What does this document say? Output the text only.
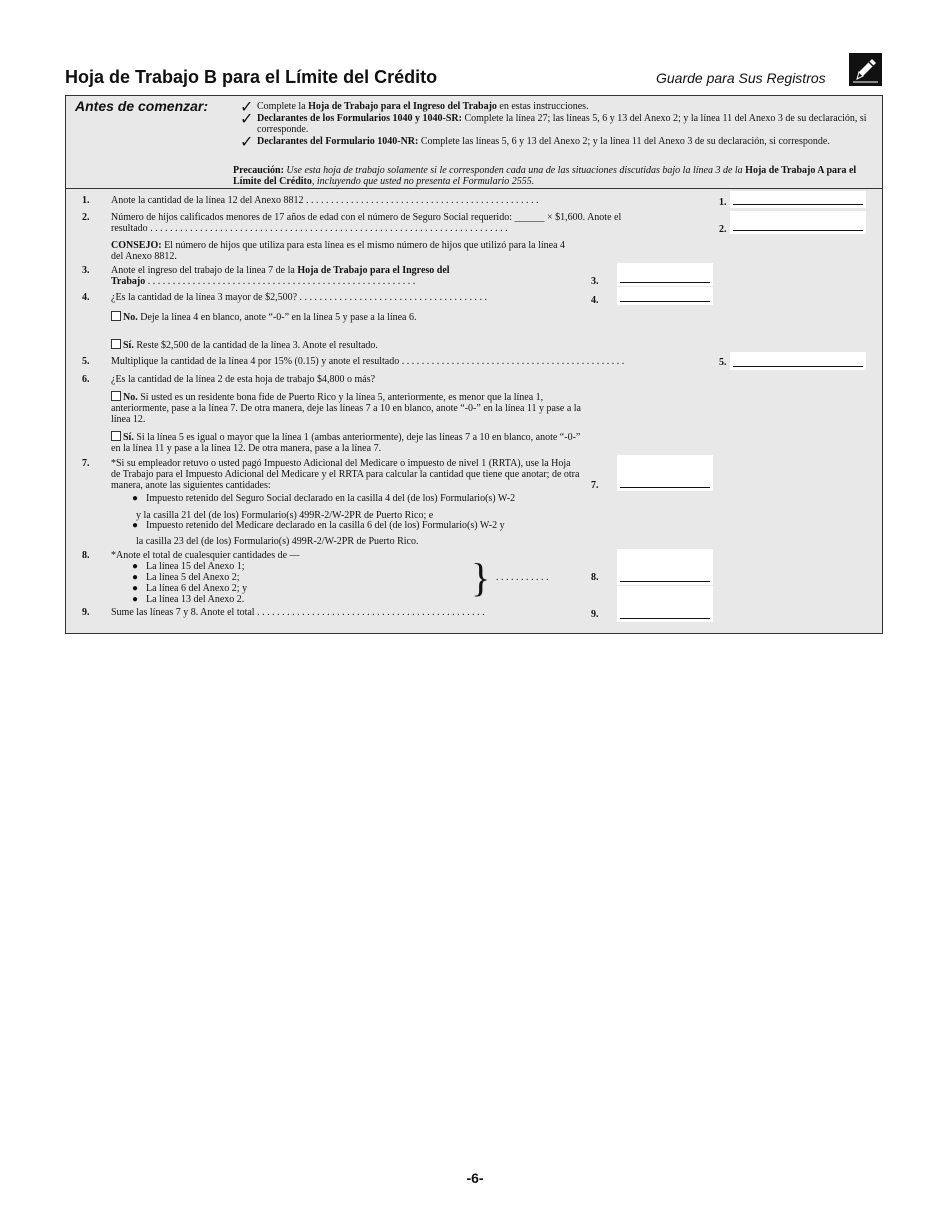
Hoja de Trabajo B para el Límite del Crédito	Guarde para Sus Registros
Antes de comenzar: ✓ Complete la Hoja de Trabajo para el Ingreso del Trabajo en estas instrucciones.
✓ Declarantes de los Formularios 1040 y 1040-SR: Complete la línea 27; las líneas 5, 6 y 13 del Anexo 2; y la línea 11 del Anexo 3 de su declaración, si corresponde.
✓ Declarantes del Formulario 1040-NR: Complete las líneas 5, 6 y 13 del Anexo 2; y la línea 11 del Anexo 3 de su declaración, si corresponde.
Precaución: Use esta hoja de trabajo solamente si le corresponden cada una de las situaciones discutidas bajo la línea 3 de la Hoja de Trabajo A para el Límite del Crédito, incluyendo que usted no presenta el Formulario 2555.
1. Anote la cantidad de la línea 12 del Anexo 8812 . . . . . . . . . . . . . . . . . . . . . . . . . . . . . . . . . . . . . . . . . . . . . . .	1.
2. Número de hijos calificados menores de 17 años de edad con el número de Seguro Social requerido: ______ × $1,600. Anote el
resultado . . . . . . . . . . . . . . . . . . . . . . . . . . . . . . . . . . . . . . . . . . . . . . . . . . . . . . . . . . . . . . . . . . . . . . . .	2.
CONSEJO: El número de hijos que utiliza para esta línea es el mismo número de hijos que utilizó para la línea 4 del Anexo 8812.
3. Anote el ingreso del trabajo de la línea 7 de la Hoja de Trabajo para el Ingreso del
Trabajo . . . . . . . . . . . . . . . . . . . . . . . . . . . . . . . . . . . . . . . . . . . . . . . . . . . . . .	3.
4. ¿Es la cantidad de la línea 3 mayor de $2,500? . . . . . . . . . . . . . . . . . . . . . . . . . . . . . . . . . . . . . .	4.
No. Deje la línea 4 en blanco, anote “-0-” en la línea 5 y pase a la línea 6.
Sí. Reste $2,500 de la cantidad de la línea 3. Anote el resultado.
5. Multiplique la cantidad de la línea 4 por 15% (0.15) y anote el resultado . . . . . . . . . . . . . . . . . . . . . . . . . . . . . . . . . . . . . . . . . . . . .	5.
6. ¿Es la cantidad de la línea 2 de esta hoja de trabajo $4,800 o más?
No. Si usted es un residente bona fide de Puerto Rico y la línea 5, anteriormente, es menor que la línea 1, anteriormente, pase a la línea 7. De otra manera, deje las líneas 7 a 10 en blanco, anote “-0-” en la línea 11 y pase a la línea 12.
Sí. Si la línea 5 es igual o mayor que la línea 1 (ambas anteriormente), deje las líneas 7 a 10 en blanco, anote “-0-” en la línea 11 y pase a la línea 12. De otra manera, pase a la línea 7.
7. *Si su empleador retuvo o usted pagó Impuesto Adicional del Medicare o impuesto de nivel 1 (RRTA), use la Hoja de Trabajo para el Impuesto Adicional del Medicare y el RRTA para calcular la cantidad que tiene que anotar; de otra manera, anote las siguientes cantidades:	7.
● Impuesto retenido del Seguro Social declarado en la casilla 4 del (de los) Formulario(s) W-2
y la casilla 21 del (de los) Formulario(s) 499R-2/W-2PR de Puerto Rico; e
● Impuesto retenido del Medicare declarado en la casilla 6 del (de los) Formulario(s) W-2 y
la casilla 23 del (de los) Formulario(s) 499R-2/W-2PR de Puerto Rico.
8. *Anote el total de cualesquier cantidades de —
● La línea 15 del Anexo 1;
● La línea 5 del Anexo 2;
● La línea 6 del Anexo 2; y
● La línea 13 del Anexo 2.	} . . . . . . . . . . .	8.
9. Sume las líneas 7 y 8. Anote el total . . . . . . . . . . . . . . . . . . . . . . . . . . . . . . . . . . . . . . . . . . . . . .	9.
-6-
